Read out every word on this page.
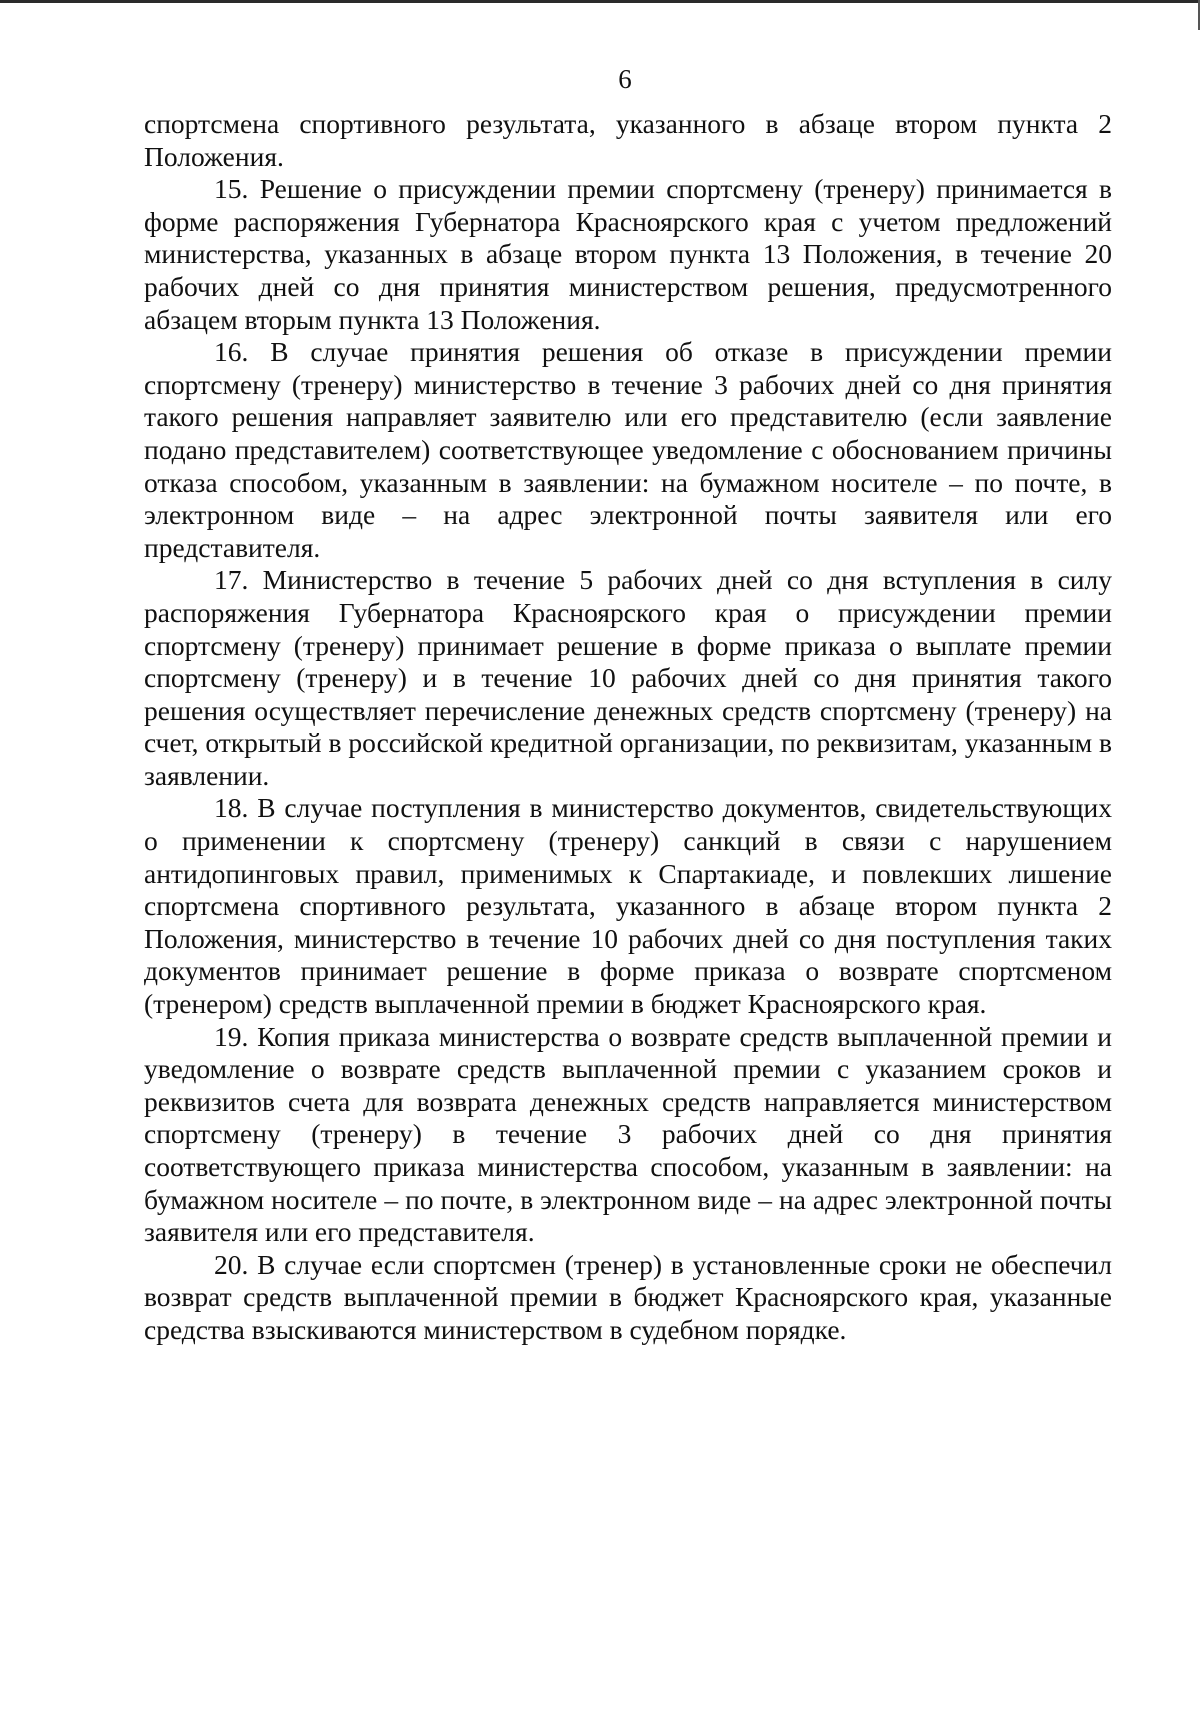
6

спортсмена спортивного результата, указанного в абзаце втором пункта 2 Положения.

15. Решение о присуждении премии спортсмену (тренеру) принимается в форме распоряжения Губернатора Красноярского края с учетом предложений министерства, указанных в абзаце втором пункта 13 Положения, в течение 20 рабочих дней со дня принятия министерством решения, предусмотренного абзацем вторым пункта 13 Положения.

16. В случае принятия решения об отказе в присуждении премии спортсмену (тренеру) министерство в течение 3 рабочих дней со дня принятия такого решения направляет заявителю или его представителю (если заявление подано представителем) соответствующее уведомление с обоснованием причины отказа способом, указанным в заявлении: на бумажном носителе – по почте, в электронном виде – на адрес электронной почты заявителя или его представителя.

17. Министерство в течение 5 рабочих дней со дня вступления в силу распоряжения Губернатора Красноярского края о присуждении премии спортсмену (тренеру) принимает решение в форме приказа о выплате премии спортсмену (тренеру) и в течение 10 рабочих дней со дня принятия такого решения осуществляет перечисление денежных средств спортсмену (тренеру) на счет, открытый в российской кредитной организации, по реквизитам, указанным в заявлении.

18. В случае поступления в министерство документов, свидетельствующих о применении к спортсмену (тренеру) санкций в связи с нарушением антидопинговых правил, применимых к Спартакиаде, и повлекших лишение спортсмена спортивного результата, указанного в абзаце втором пункта 2 Положения, министерство в течение 10 рабочих дней со дня поступления таких документов принимает решение в форме приказа о возврате спортсменом (тренером) средств выплаченной премии в бюджет Красноярского края.

19. Копия приказа министерства о возврате средств выплаченной премии и уведомление о возврате средств выплаченной премии с указанием сроков и реквизитов счета для возврата денежных средств направляется министерством спортсмену (тренеру) в течение 3 рабочих дней со дня принятия соответствующего приказа министерства способом, указанным в заявлении: на бумажном носителе – по почте, в электронном виде – на адрес электронной почты заявителя или его представителя.

20. В случае если спортсмен (тренер) в установленные сроки не обеспечил возврат средств выплаченной премии в бюджет Красноярского края, указанные средства взыскиваются министерством в судебном порядке.
